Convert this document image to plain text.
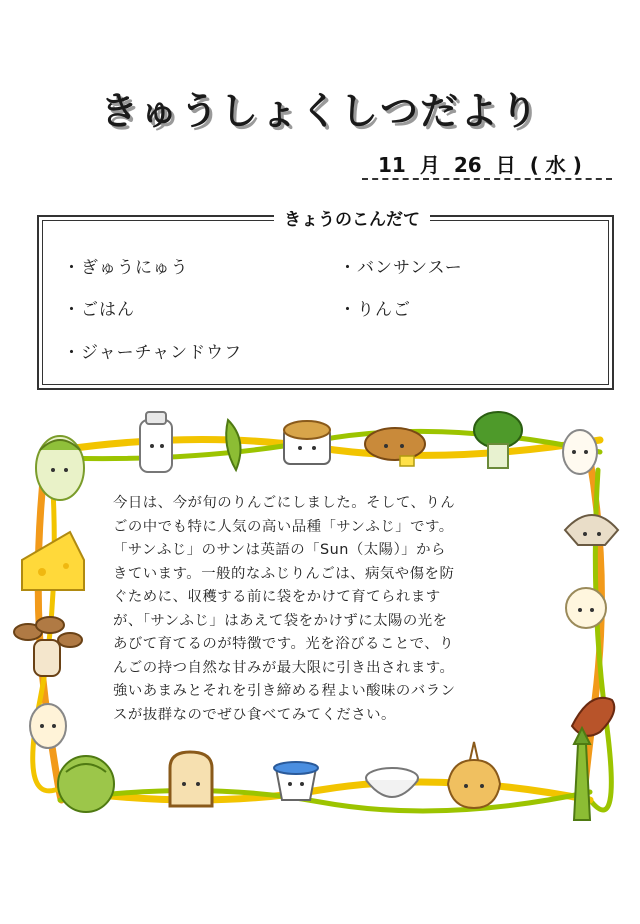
きゅうしょくしつだより
11 月 26 日 ( 水 )
きょうのこんだて
・ぎゅうにゅう
・ごはん
・ジャーチャンドウフ
・バンサンスー
・りんご
今日は、今が旬のりんごにしました。そして、りん
ごの中でも特に人気の高い品種「サンふじ」です。
「サンふじ」のサンは英語の「Sun（太陽）」から
きています。一般的なふじりんごは、病気や傷を防
ぐために、収穫する前に袋をかけて育てられます
が、「サンふじ」はあえて袋をかけずに太陽の光を
あびて育てるのが特徴です。光を浴びることで、り
んごの持つ自然な甘みが最大限に引き出されます。
強いあまみとそれを引き締める程よい酸味のバラン
スが抜群なのでぜひ食べてみてください。
